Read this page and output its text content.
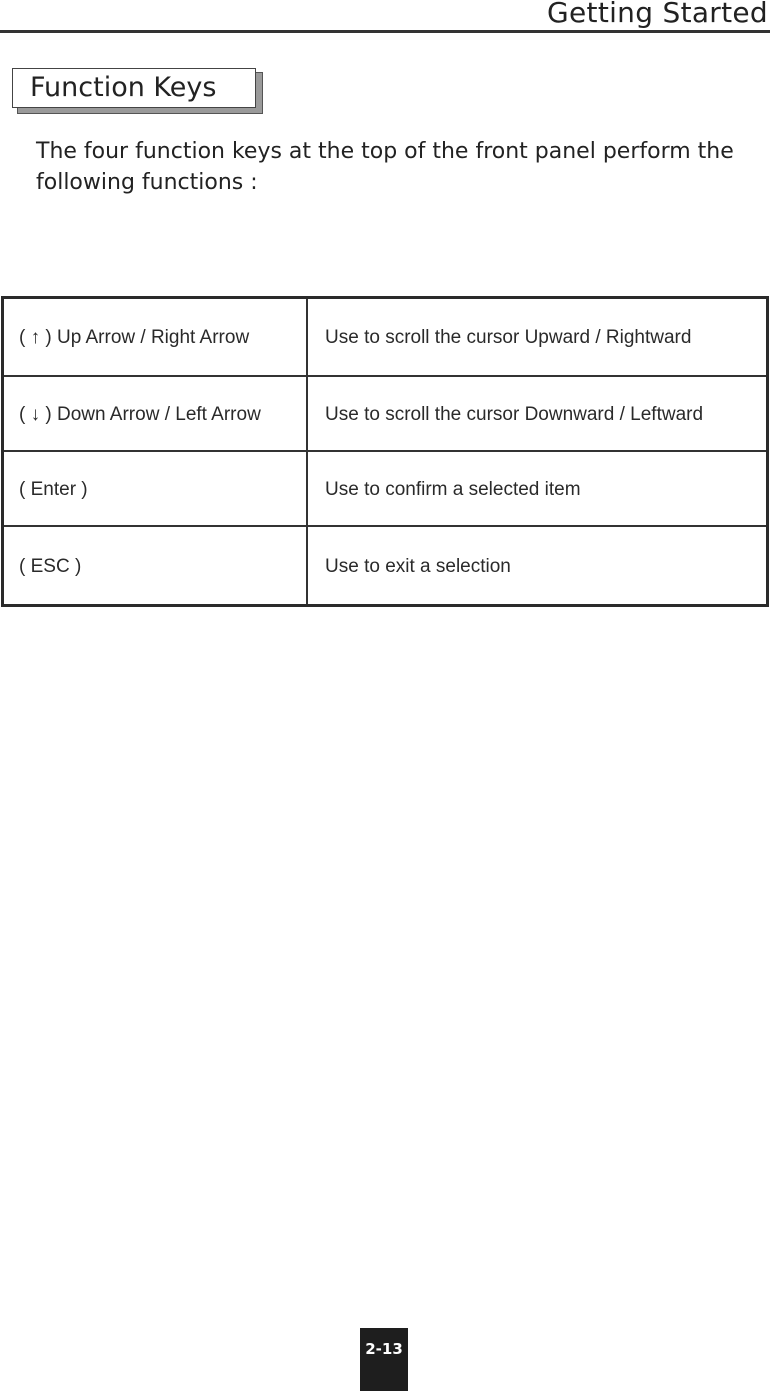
Getting Started
Function Keys
The four function keys at the top of the front panel perform the following functions :
( ↑ ) Up Arrow / Right Arrow	Use to scroll the cursor Upward / Rightward
( ↓ ) Down Arrow / Left Arrow	Use to scroll the cursor Downward / Leftward
( Enter )	Use to confirm a selected item
( ESC )	Use to exit a selection
2-13
